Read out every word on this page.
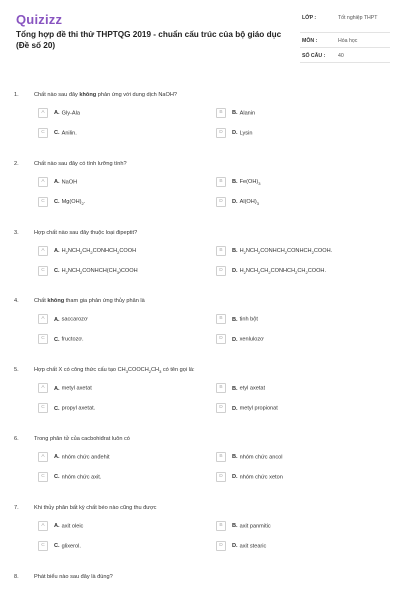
Quizizz
Tổng hợp đề thi thử THPTQG 2019 - chuẩn cấu trúc của bộ giáo dục (Đề số 20)
LỚP :	Tốt nghiệp THPT
MÔN :	Hóa học
SỐ CÂU : 40
1.	Chất nào sau đây không phản ứng với dung dịch NaOH?
A A. Gly-Ala	B B. Alanin
C C. Anilin.	D D. Lysin
2.	Chất nào sau đây có tính lưỡng tính?
A A. NaOH	B B. $Fe(OH)_3$
C C. $Mg(OH)_2$.	D D. $Al(OH)_3$
3.	Hợp chất nào sau đây thuộc loại đipeptit?
A A. $H_2NCH_2CH_2CONHCH_2COOH$	B B. $H_2NCH_2CONHCH_2CONHCH_2COOH$.
C C. $H_2NCH_2CONHCH(CH_3)COOH$	D D. $H_2NCH_2CH_2CONHCH_2CH_2COOH$.
4.	Chất không tham gia phản ứng thủy phân là
A A. saccarozơ	B B. tinh bột
C C. fructozơ.	D D. xenlulozơ
5.	Hợp chất X có công thức cấu tạo $CH_3COOCH_2CH_3$ có tên gọi là:
A A. metyl axetat	B B. etyl axetat
C C. propyl axetat.	D D. metyl propionat
6.	Trong phân tử của cacbohiđrat luôn có
A A. nhóm chức anđehit	B B. nhóm chức ancol
C C. nhóm chức axit.	D D. nhóm chức xeton
7.	Khi thủy phân bất kỳ chất béo nào cũng thu được
A A. axit oleic	B B. axit panmitic
C C. glixerol.	D D. axit stearic
8.	Phát biểu nào sau đây là đúng?
